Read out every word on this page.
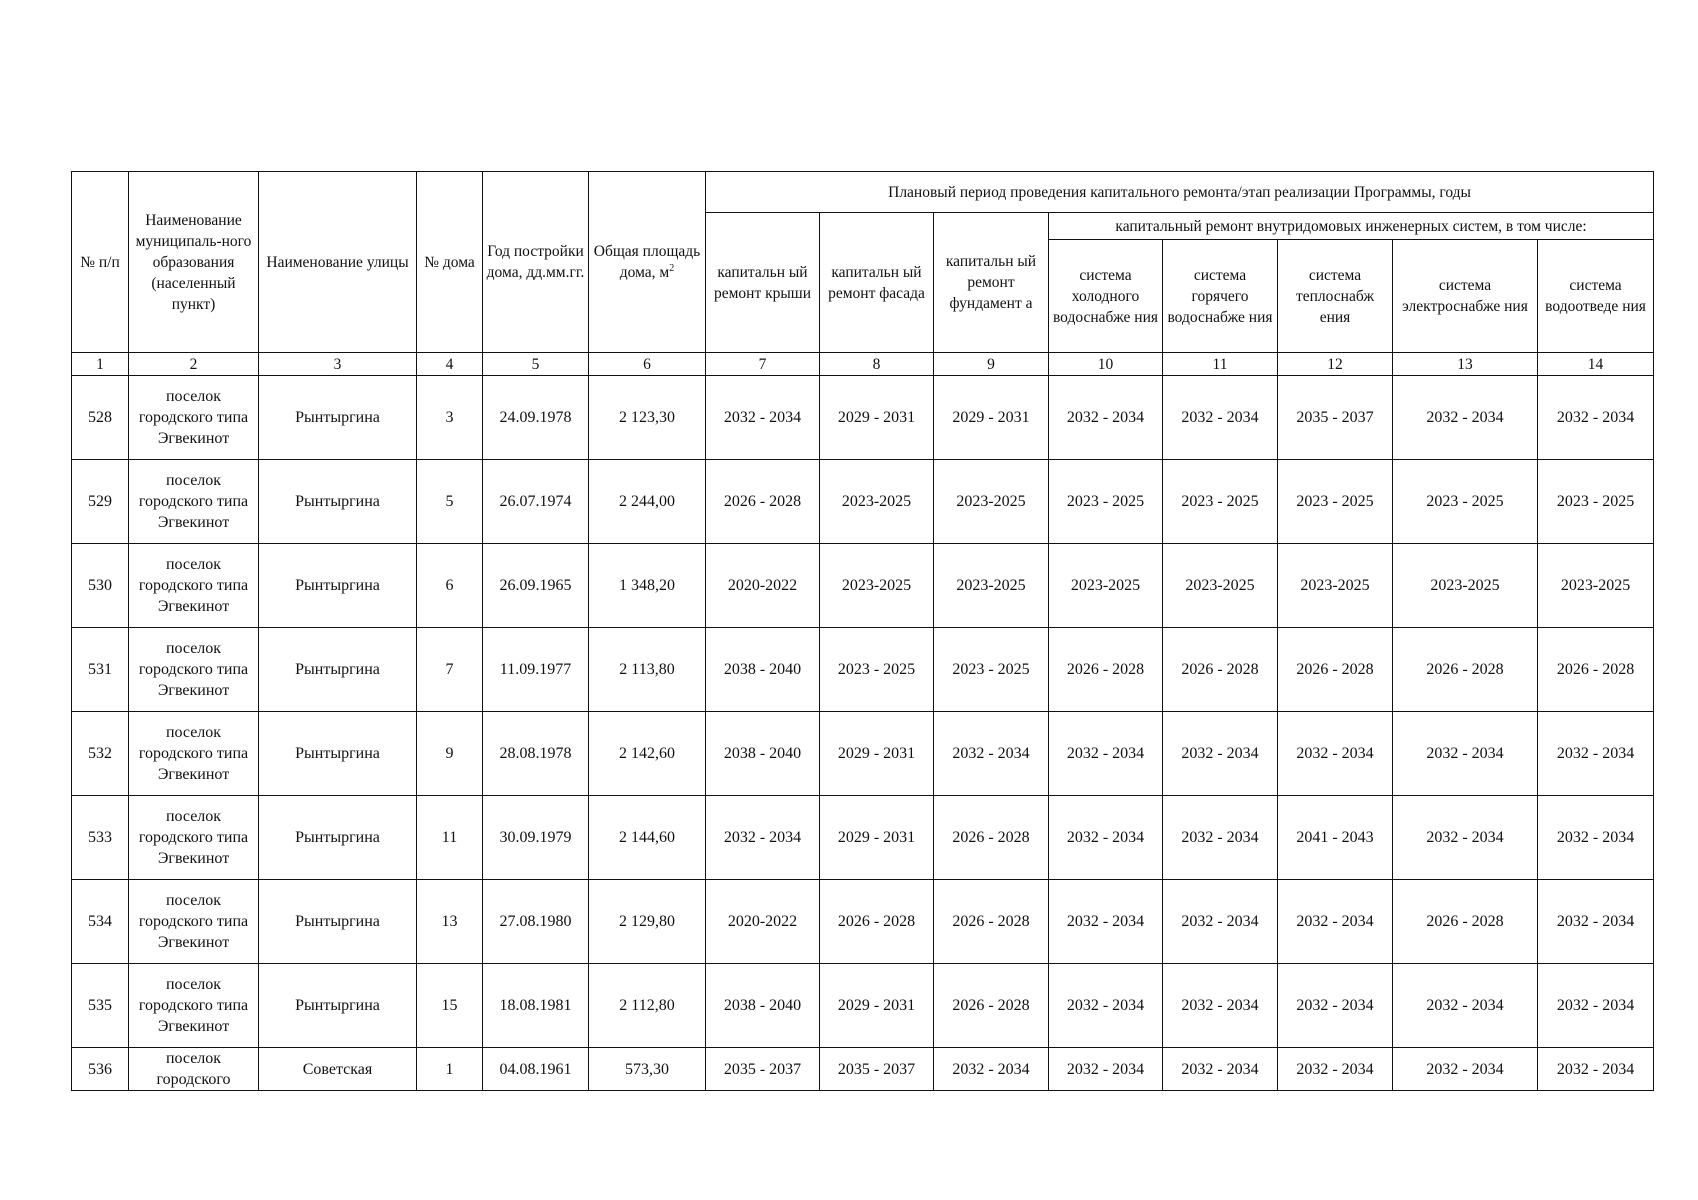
№ п/п	Наименование муниципаль-ного образования (населенный пункт)	Наименование улицы	№ дома	Год постройки дома, дд.мм.гг.	Общая площадь дома, $м^2$	Плановый период проведения капитального ремонта/этап реализации Программы, годы							
						капитальн ый ремонт крыши	капитальн ый ремонт фасада	капитальн ый ремонт фундамент а	капитальный ремонт внутридомовых инженерных систем, в том числе:				
									система холодного водоснабже ния	система горячего водоснабже ния	система теплоснабж ения	система электроснабже ния	система водоотведе ния
1	2	3	4	5	6	7	8	9	10	11	12	13	14
528	поселок городского типа Эгвекинот	Рынтыргина	3	24.09.1978	2 123,30	2032 - 2034	2029 - 2031	2029 - 2031	2032 - 2034	2032 - 2034	2035 - 2037	2032 - 2034	2032 - 2034
529	поселок городского типа Эгвекинот	Рынтыргина	5	26.07.1974	2 244,00	2026 - 2028	2023-2025	2023-2025	2023 - 2025	2023 - 2025	2023 - 2025	2023 - 2025	2023 - 2025
530	поселок городского типа Эгвекинот	Рынтыргина	6	26.09.1965	1 348,20	2020-2022	2023-2025	2023-2025	2023-2025	2023-2025	2023-2025	2023-2025	2023-2025
531	поселок городского типа Эгвекинот	Рынтыргина	7	11.09.1977	2 113,80	2038 - 2040	2023 - 2025	2023 - 2025	2026 - 2028	2026 - 2028	2026 - 2028	2026 - 2028	2026 - 2028
532	поселок городского типа Эгвекинот	Рынтыргина	9	28.08.1978	2 142,60	2038 - 2040	2029 - 2031	2032 - 2034	2032 - 2034	2032 - 2034	2032 - 2034	2032 - 2034	2032 - 2034
533	поселок городского типа Эгвекинот	Рынтыргина	11	30.09.1979	2 144,60	2032 - 2034	2029 - 2031	2026 - 2028	2032 - 2034	2032 - 2034	2041 - 2043	2032 - 2034	2032 - 2034
534	поселок городского типа Эгвекинот	Рынтыргина	13	27.08.1980	2 129,80	2020-2022	2026 - 2028	2026 - 2028	2032 - 2034	2032 - 2034	2032 - 2034	2026 - 2028	2032 - 2034
535	поселок городского типа Эгвекинот	Рынтыргина	15	18.08.1981	2 112,80	2038 - 2040	2029 - 2031	2026 - 2028	2032 - 2034	2032 - 2034	2032 - 2034	2032 - 2034	2032 - 2034
536	поселок городского	Советская	1	04.08.1961	573,30	2035 - 2037	2035 - 2037	2032 - 2034	2032 - 2034	2032 - 2034	2032 - 2034	2032 - 2034	2032 - 2034
